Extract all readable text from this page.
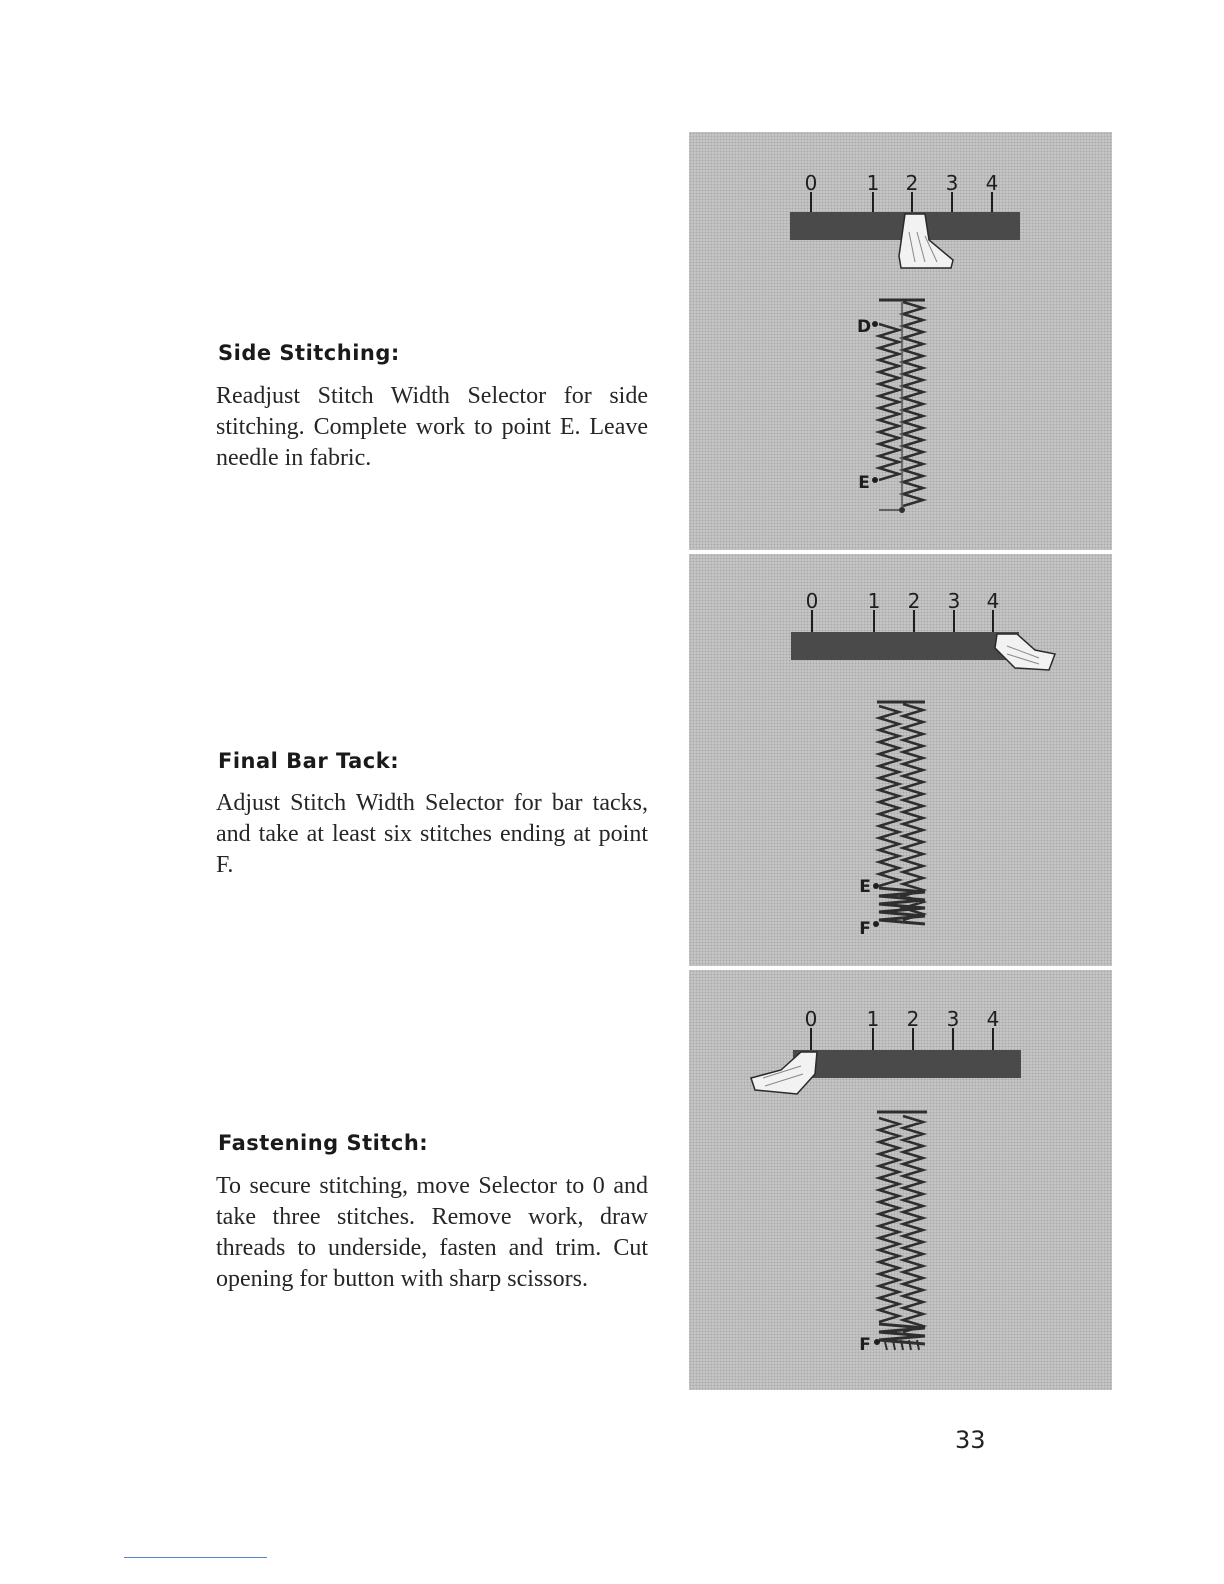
Side Stitching:

Readjust Stitch Width Selector for side stitching. Complete work to point E. Leave needle in fabric.

Final Bar Tack:

Adjust Stitch Width Selector for bar tacks, and take at least six stitches ending at point F.

Fastening Stitch:

To secure stitching, move Selector to 0 and take three stitches. Remove work, draw threads to underside, fasten and trim. Cut opening for button with sharp scissors.

0 1 2 3 4
D
E
0 1 2 3 4
E
F
0 1 2 3 4
F

33
